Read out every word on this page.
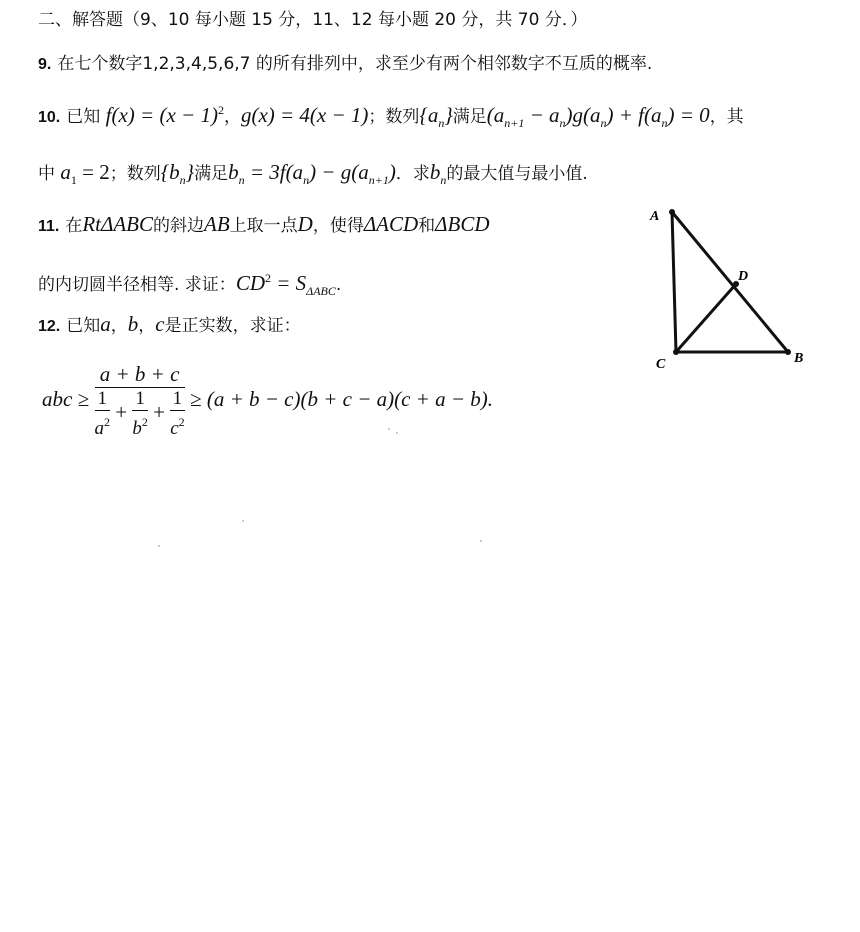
二、解答题（9、10 每小题 15 分，11、12 每小题 20 分，共 70 分．）
9. 在七个数字1,2,3,4,5,6,7 的所有排列中，求至少有两个相邻数字不互质的概率.
10. 已知 $f(x) = (x - 1)^2$，g(x) = 4(x − 1)；数列$\{a_n\}$满足$(a_{n+1} - a_n)g(a_n) + f(a_n) = 0$，其
中 $a_1 = 2$；数列$\{b_n\}$满足$b_n = 3f(a_n) - g(a_{n+1})$．求$b_n$的最大值与最小值.
11. 在RtΔABC的斜边AB上取一点D，使得ΔACD和ΔBCD
的内切圆半径相等. 求证：$CD^2 = S_{\Delta ABC}$.
12. 已知a，b，c是正实数，求证：
abc ≥ $\frac{a + b + c}{\frac{1}{a^2} + \frac{1}{b^2} + \frac{1}{c^2}} \ge (a + b - c)(b + c - a)(c + a - b)$.
A
D
C	B
